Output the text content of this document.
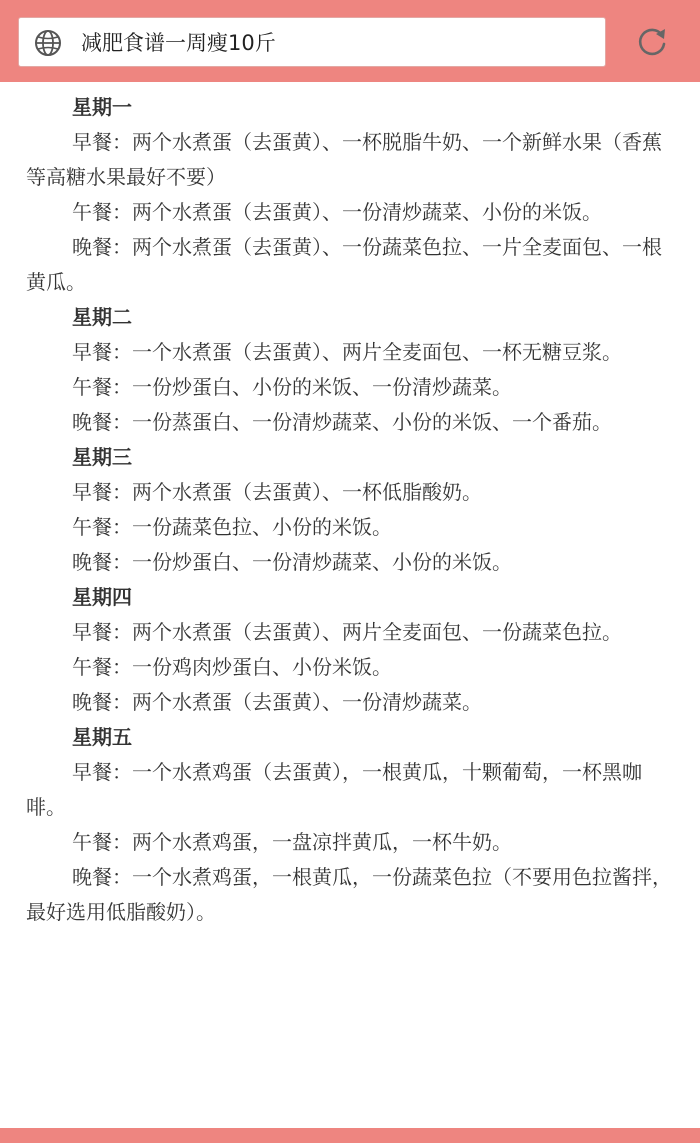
减肥食谱一周瘦10斤

星期一

早餐：两个水煮蛋（去蛋黄）、一杯脱脂牛奶、一个新鲜水果（香蕉等高糖水果最好不要）

午餐：两个水煮蛋（去蛋黄）、一份清炒蔬菜、小份的米饭。

晚餐：两个水煮蛋（去蛋黄）、一份蔬菜色拉、一片全麦面包、一根黄瓜。

星期二

早餐：一个水煮蛋（去蛋黄）、两片全麦面包、一杯无糖豆浆。

午餐：一份炒蛋白、小份的米饭、一份清炒蔬菜。

晚餐：一份蒸蛋白、一份清炒蔬菜、小份的米饭、一个番茄。

星期三

早餐：两个水煮蛋（去蛋黄）、一杯低脂酸奶。

午餐：一份蔬菜色拉、小份的米饭。

晚餐：一份炒蛋白、一份清炒蔬菜、小份的米饭。

星期四

早餐：两个水煮蛋（去蛋黄）、两片全麦面包、一份蔬菜色拉。

午餐：一份鸡肉炒蛋白、小份米饭。

晚餐：两个水煮蛋（去蛋黄）、一份清炒蔬菜。

星期五

早餐：一个水煮鸡蛋（去蛋黄），一根黄瓜，十颗葡萄，一杯黑咖啡。

午餐：两个水煮鸡蛋，一盘凉拌黄瓜，一杯牛奶。

晚餐：一个水煮鸡蛋，一根黄瓜，一份蔬菜色拉（不要用色拉酱拌，最好选用低脂酸奶）。
